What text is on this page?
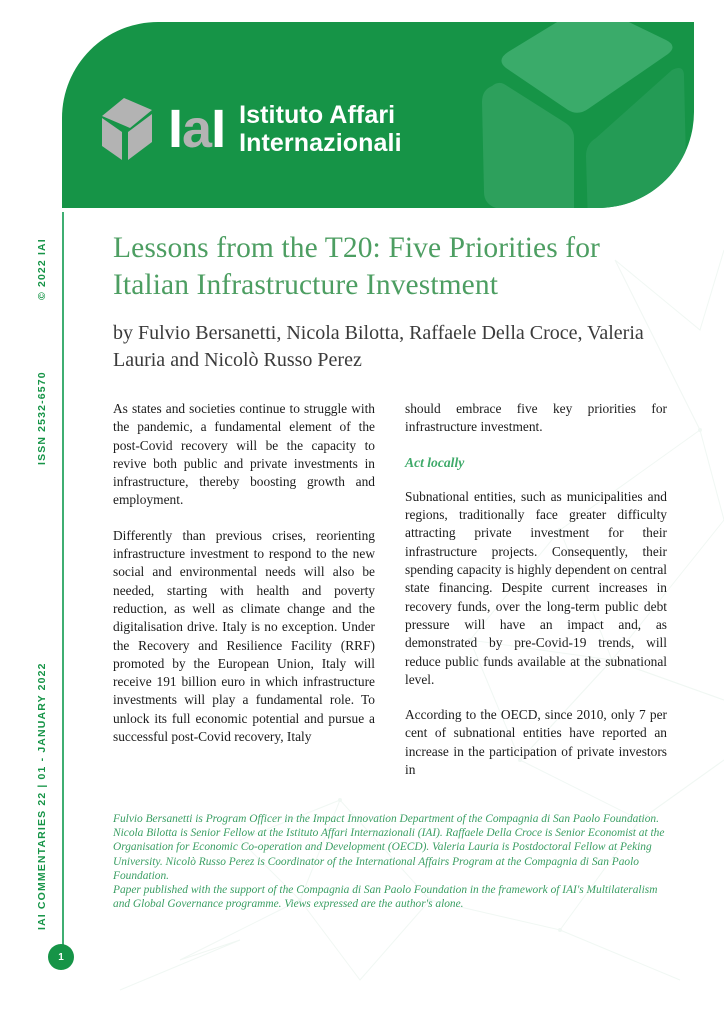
IaI Istituto Affari
Internazionali
© 2022 IAI
ISSN 2532-6570
IAI COMMENTARIES 22 | 01 - JANUARY 2022
1
Lessons from the T20: Five Priorities for Italian Infrastructure Investment
by Fulvio Bersanetti, Nicola Bilotta, Raffaele Della Croce, Valeria Lauria and Nicolò Russo Perez

As states and societies continue to struggle with the pandemic, a fundamental element of the post-Covid recovery will be the capacity to revive both public and private investments in infrastructure, thereby boosting growth and employment.

Differently than previous crises, reorienting infrastructure investment to respond to the new social and environmental needs will also be needed, starting with health and poverty reduction, as well as climate change and the digitalisation drive. Italy is no exception. Under the Recovery and Resilience Facility (RRF) promoted by the European Union, Italy will receive 191 billion euro in which infrastructure investments will play a fundamental role. To unlock its full economic potential and pursue a successful post-Covid recovery, Italy

should embrace five key priorities for infrastructure investment.

Act locally

Subnational entities, such as municipalities and regions, traditionally face greater difficulty attracting private investment for their infrastructure projects. Consequently, their spending capacity is highly dependent on central state financing. Despite current increases in recovery funds, over the long-term public debt pressure will have an impact and, as demonstrated by pre-Covid-19 trends, will reduce public funds available at the subnational level.

According to the OECD, since 2010, only 7 per cent of subnational entities have reported an increase in the participation of private investors in

Fulvio Bersanetti is Program Officer in the Impact Innovation Department of the Compagnia di San Paolo Foundation. Nicola Bilotta is Senior Fellow at the Istituto Affari Internazionali (IAI). Raffaele Della Croce is Senior Economist at the Organisation for Economic Co-operation and Development (OECD). Valeria Lauria is Postdoctoral Fellow at Peking University. Nicolò Russo Perez is Coordinator of the International Affairs Program at the Compagnia di San Paolo Foundation.

Paper published with the support of the Compagnia di San Paolo Foundation in the framework of IAI's Multilateralism and Global Governance programme. Views expressed are the author's alone.
